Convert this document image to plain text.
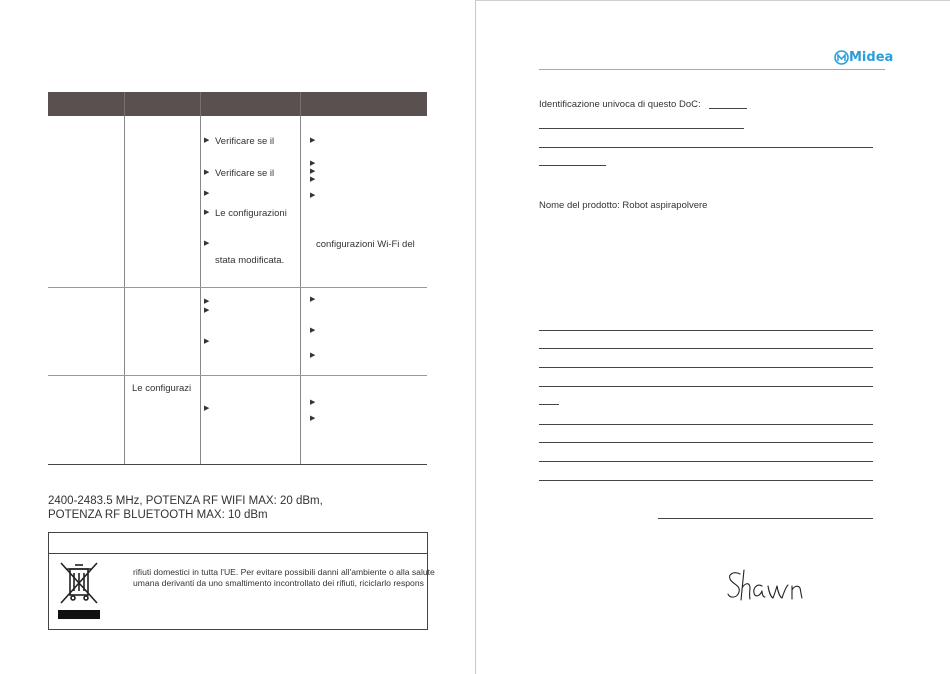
▶ Verificare se il
▶ Verificare se il
▶
▶ Le configurazioni
▶
stata modificata.
▶
▶
▶
▶
▶
configurazioni Wi-Fi del
▶
▶
▶
▶
▶
▶
Le configurazi
▶
▶
▶
2400-2483.5 MHz, POTENZA RF WIFI MAX: 20 dBm,
POTENZA RF BLUETOOTH MAX: 10 dBm
rifiuti domestici in tutta l'UE. Per evitare possibili danni all'ambiente o alla salute
umana derivanti da uno smaltimento incontrollato dei rifiuti, riciclarlo respons
Midea
Identificazione univoca di questo DoC:
Nome del prodotto: Robot aspirapolvere
